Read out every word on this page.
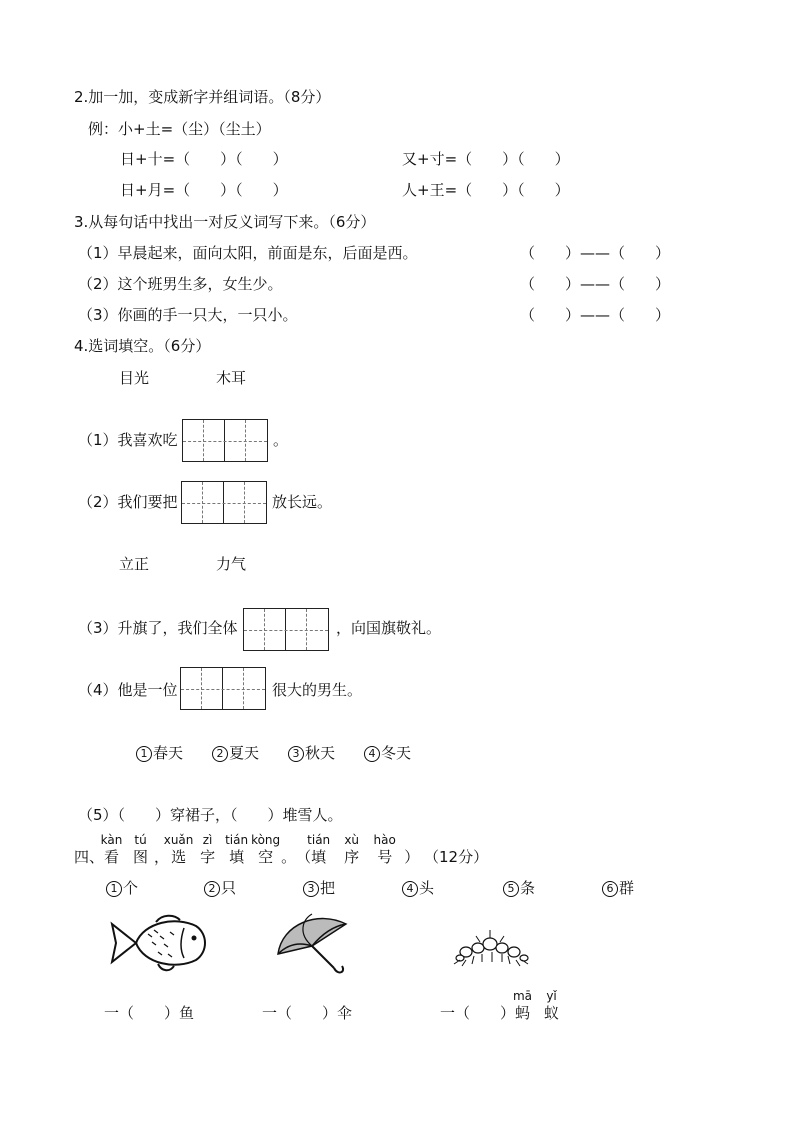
2.加一加，变成新字并组词语。（8分）
例：小+土=（尘）（尘土）
日+十=（　　）（　　）	又+寸=（　　）（　　）
日+月=（　　）（　　）	人+王=（　　）（　　）
3.从每句话中找出一对反义词写下来。（6分）
（1）早晨起来，面向太阳，前面是东，后面是西。	（　　）——（　　）
（2）这个班男生多，女生少。	（　　）——（　　）
（3）你画的手一只大，一只小。	（　　）——（　　）
4.选词填空。（6分）
目光	木耳
（1）我喜欢吃	。
（2）我们要把	放长远。
立正	力气
（3）升旗了，我们全体	，向国旗敬礼。
（4）他是一位	很大的男生。
1 春天	2 夏天	3 秋天	4 冬天
（5）（　　）穿裙子，（　　）堆雪人。
四、
kàn
看
tú
图 ，
xuǎn
选
zì
字
tián
填
kòng
空 。（
tián
填
xù
序
hào
号 ） （12分）
1 个	2 只	3 把	4 头	5 条	6 群
一（　　）鱼	一（　　）伞	一（　　）
mā
蚂
yǐ
蚁
